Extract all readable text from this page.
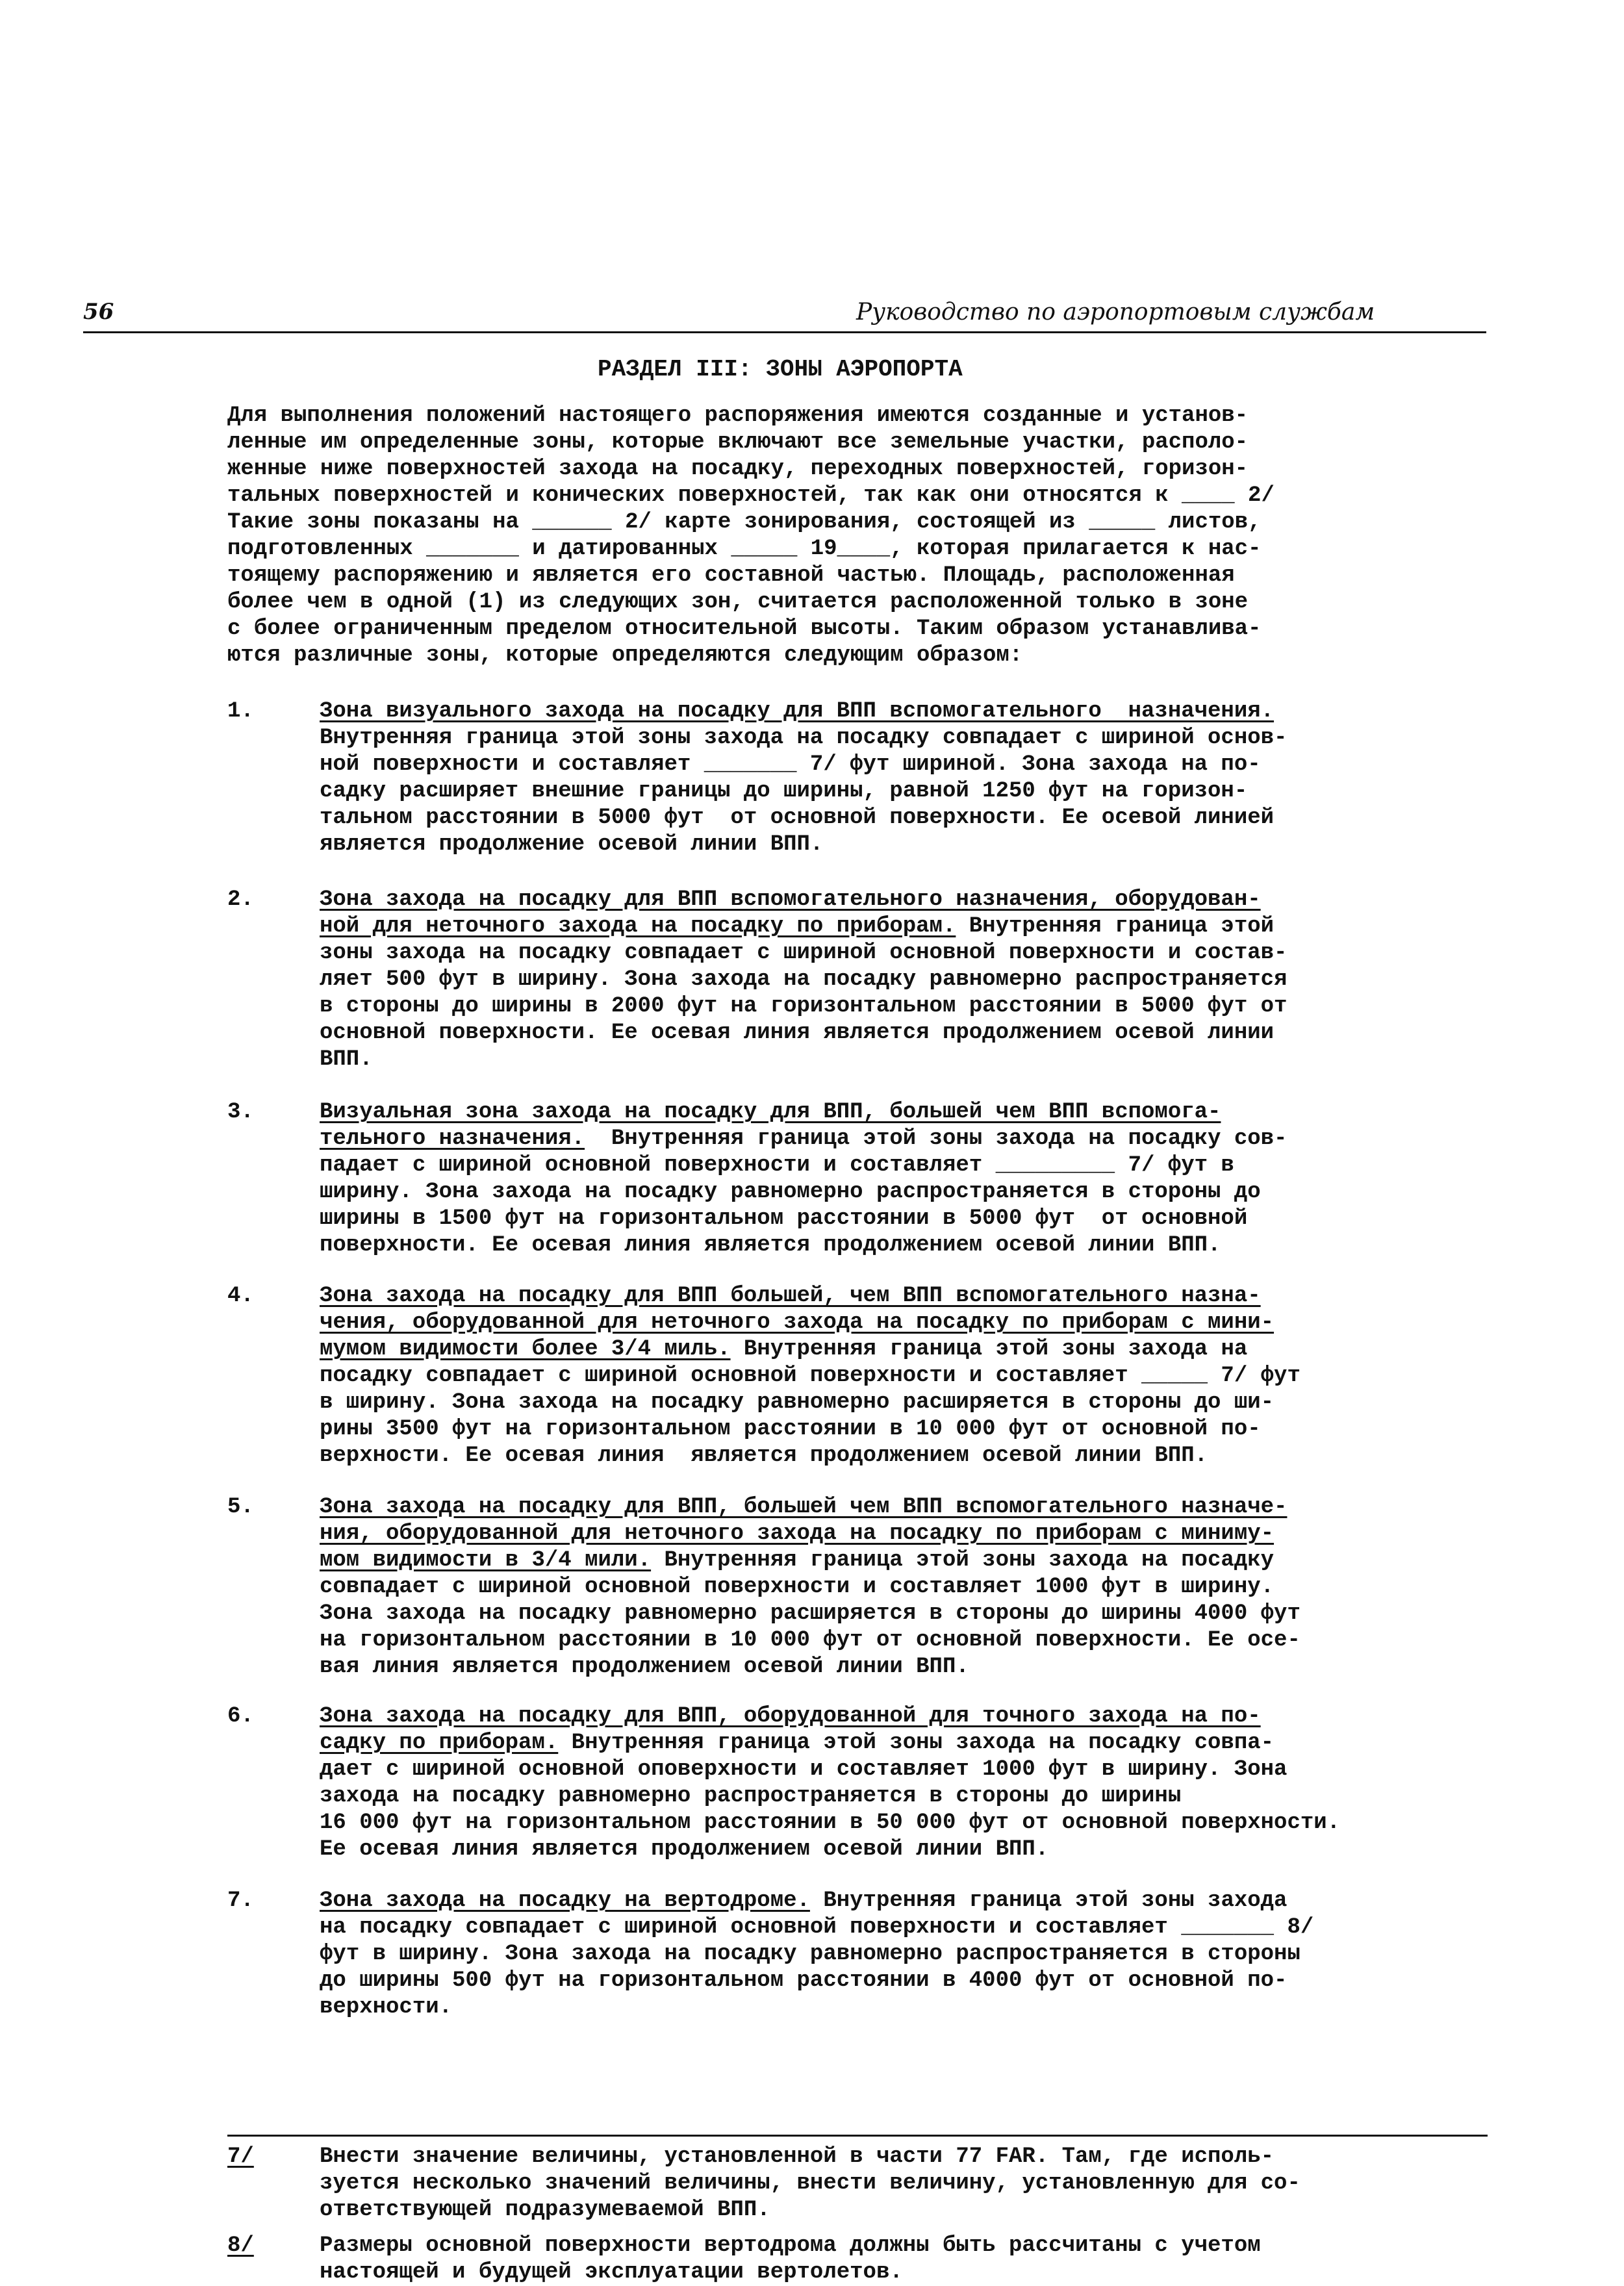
56	Руководство по аэропортовым службам
РАЗДЕЛ III: ЗОНЫ АЭРОПОРТА
Для выполнения положений настоящего распоряжения имеются созданные и установ-
ленные им определенные зоны, которые включают все земельные участки, располо-
женные ниже поверхностей захода на посадку, переходных поверхностей, горизон-
тальных поверхностей и конических поверхностей, так как они относятся к ____ 2/
Такие зоны показаны на ______ 2/ карте зонирования, состоящей из _____ листов,
подготовленных _______ и датированных _____ 19____, которая прилагается к нас-
тоящему распоряжению и является его составной частью. Площадь, расположенная
более чем в одной (1) из следующих зон, считается расположенной только в зоне
с более ограниченным пределом относительной высоты. Таким образом устанавлива-
ются различные зоны, которые определяются следующим образом:
1.	Зона визуального захода на посадку для ВПП вспомогательного  назначения.
Внутренняя граница этой зоны захода на посадку совпадает с шириной основ-
ной поверхности и составляет _______ 7/ фут шириной. Зона захода на по-
садку расширяет внешние границы до ширины, равной 1250 фут на горизон-
тальном расстоянии в 5000 фут  от основной поверхности. Ее осевой линией
является продолжение осевой линии ВПП.
2.	Зона захода на посадку для ВПП вспомогательного назначения, оборудован-
ной для неточного захода на посадку по приборам. Внутренняя граница этой
зоны захода на посадку совпадает с шириной основной поверхности и состав-
ляет 500 фут в ширину. Зона захода на посадку равномерно распространяется
в стороны до ширины в 2000 фут на горизонтальном расстоянии в 5000 фут от
основной поверхности. Ее осевая линия является продолжением осевой линии
ВПП.
3.	Визуальная зона захода на посадку для ВПП, большей чем ВПП вспомога-
тельного назначения.  Внутренняя граница этой зоны захода на посадку сов-
падает с шириной основной поверхности и составляет _________ 7/ фут в
ширину. Зона захода на посадку равномерно распространяется в стороны до
ширины в 1500 фут на горизонтальном расстоянии в 5000 фут  от основной
поверхности. Ее осевая линия является продолжением осевой линии ВПП.
4.	Зона захода на посадку для ВПП большей, чем ВПП вспомогательного назна-
чения, оборудованной для неточного захода на посадку по приборам с мини-
мумом видимости более 3/4 миль. Внутренняя граница этой зоны захода на
посадку совпадает с шириной основной поверхности и составляет _____ 7/ фут
в ширину. Зона захода на посадку равномерно расширяется в стороны до ши-
рины 3500 фут на горизонтальном расстоянии в 10 000 фут от основной по-
верхности. Ее осевая линия  является продолжением осевой линии ВПП.
5.	Зона захода на посадку для ВПП, большей чем ВПП вспомогательного назначе-
ния, оборудованной для неточного захода на посадку по приборам с миниму-
мом видимости в 3/4 мили. Внутренняя граница этой зоны захода на посадку
совпадает с шириной основной поверхности и составляет 1000 фут в ширину.
Зона захода на посадку равномерно расширяется в стороны до ширины 4000 фут
на горизонтальном расстоянии в 10 000 фут от основной поверхности. Ее осе-
вая линия является продолжением осевой линии ВПП.
6.	Зона захода на посадку для ВПП, оборудованной для точного захода на по-
садку по приборам. Внутренняя граница этой зоны захода на посадку совпа-
дает с шириной основной оповерхности и составляет 1000 фут в ширину. Зона
захода на посадку равномерно распространяется в стороны до ширины
16 000 фут на горизонтальном расстоянии в 50 000 фут от основной поверхности.
Ее осевая линия является продолжением осевой линии ВПП.
7.	Зона захода на посадку на вертодроме. Внутренняя граница этой зоны захода
на посадку совпадает с шириной основной поверхности и составляет _______ 8/
фут в ширину. Зона захода на посадку равномерно распространяется в стороны
до ширины 500 фут на горизонтальном расстоянии в 4000 фут от основной по-
верхности.
7/	Внести значение величины, установленной в части 77 FAR. Там, где исполь-
зуется несколько значений величины, внести величину, установленную для со-
ответствующей подразумеваемой ВПП.
8/	Размеры основной поверхности вертодрома должны быть рассчитаны с учетом
настоящей и будущей эксплуатации вертолетов.
